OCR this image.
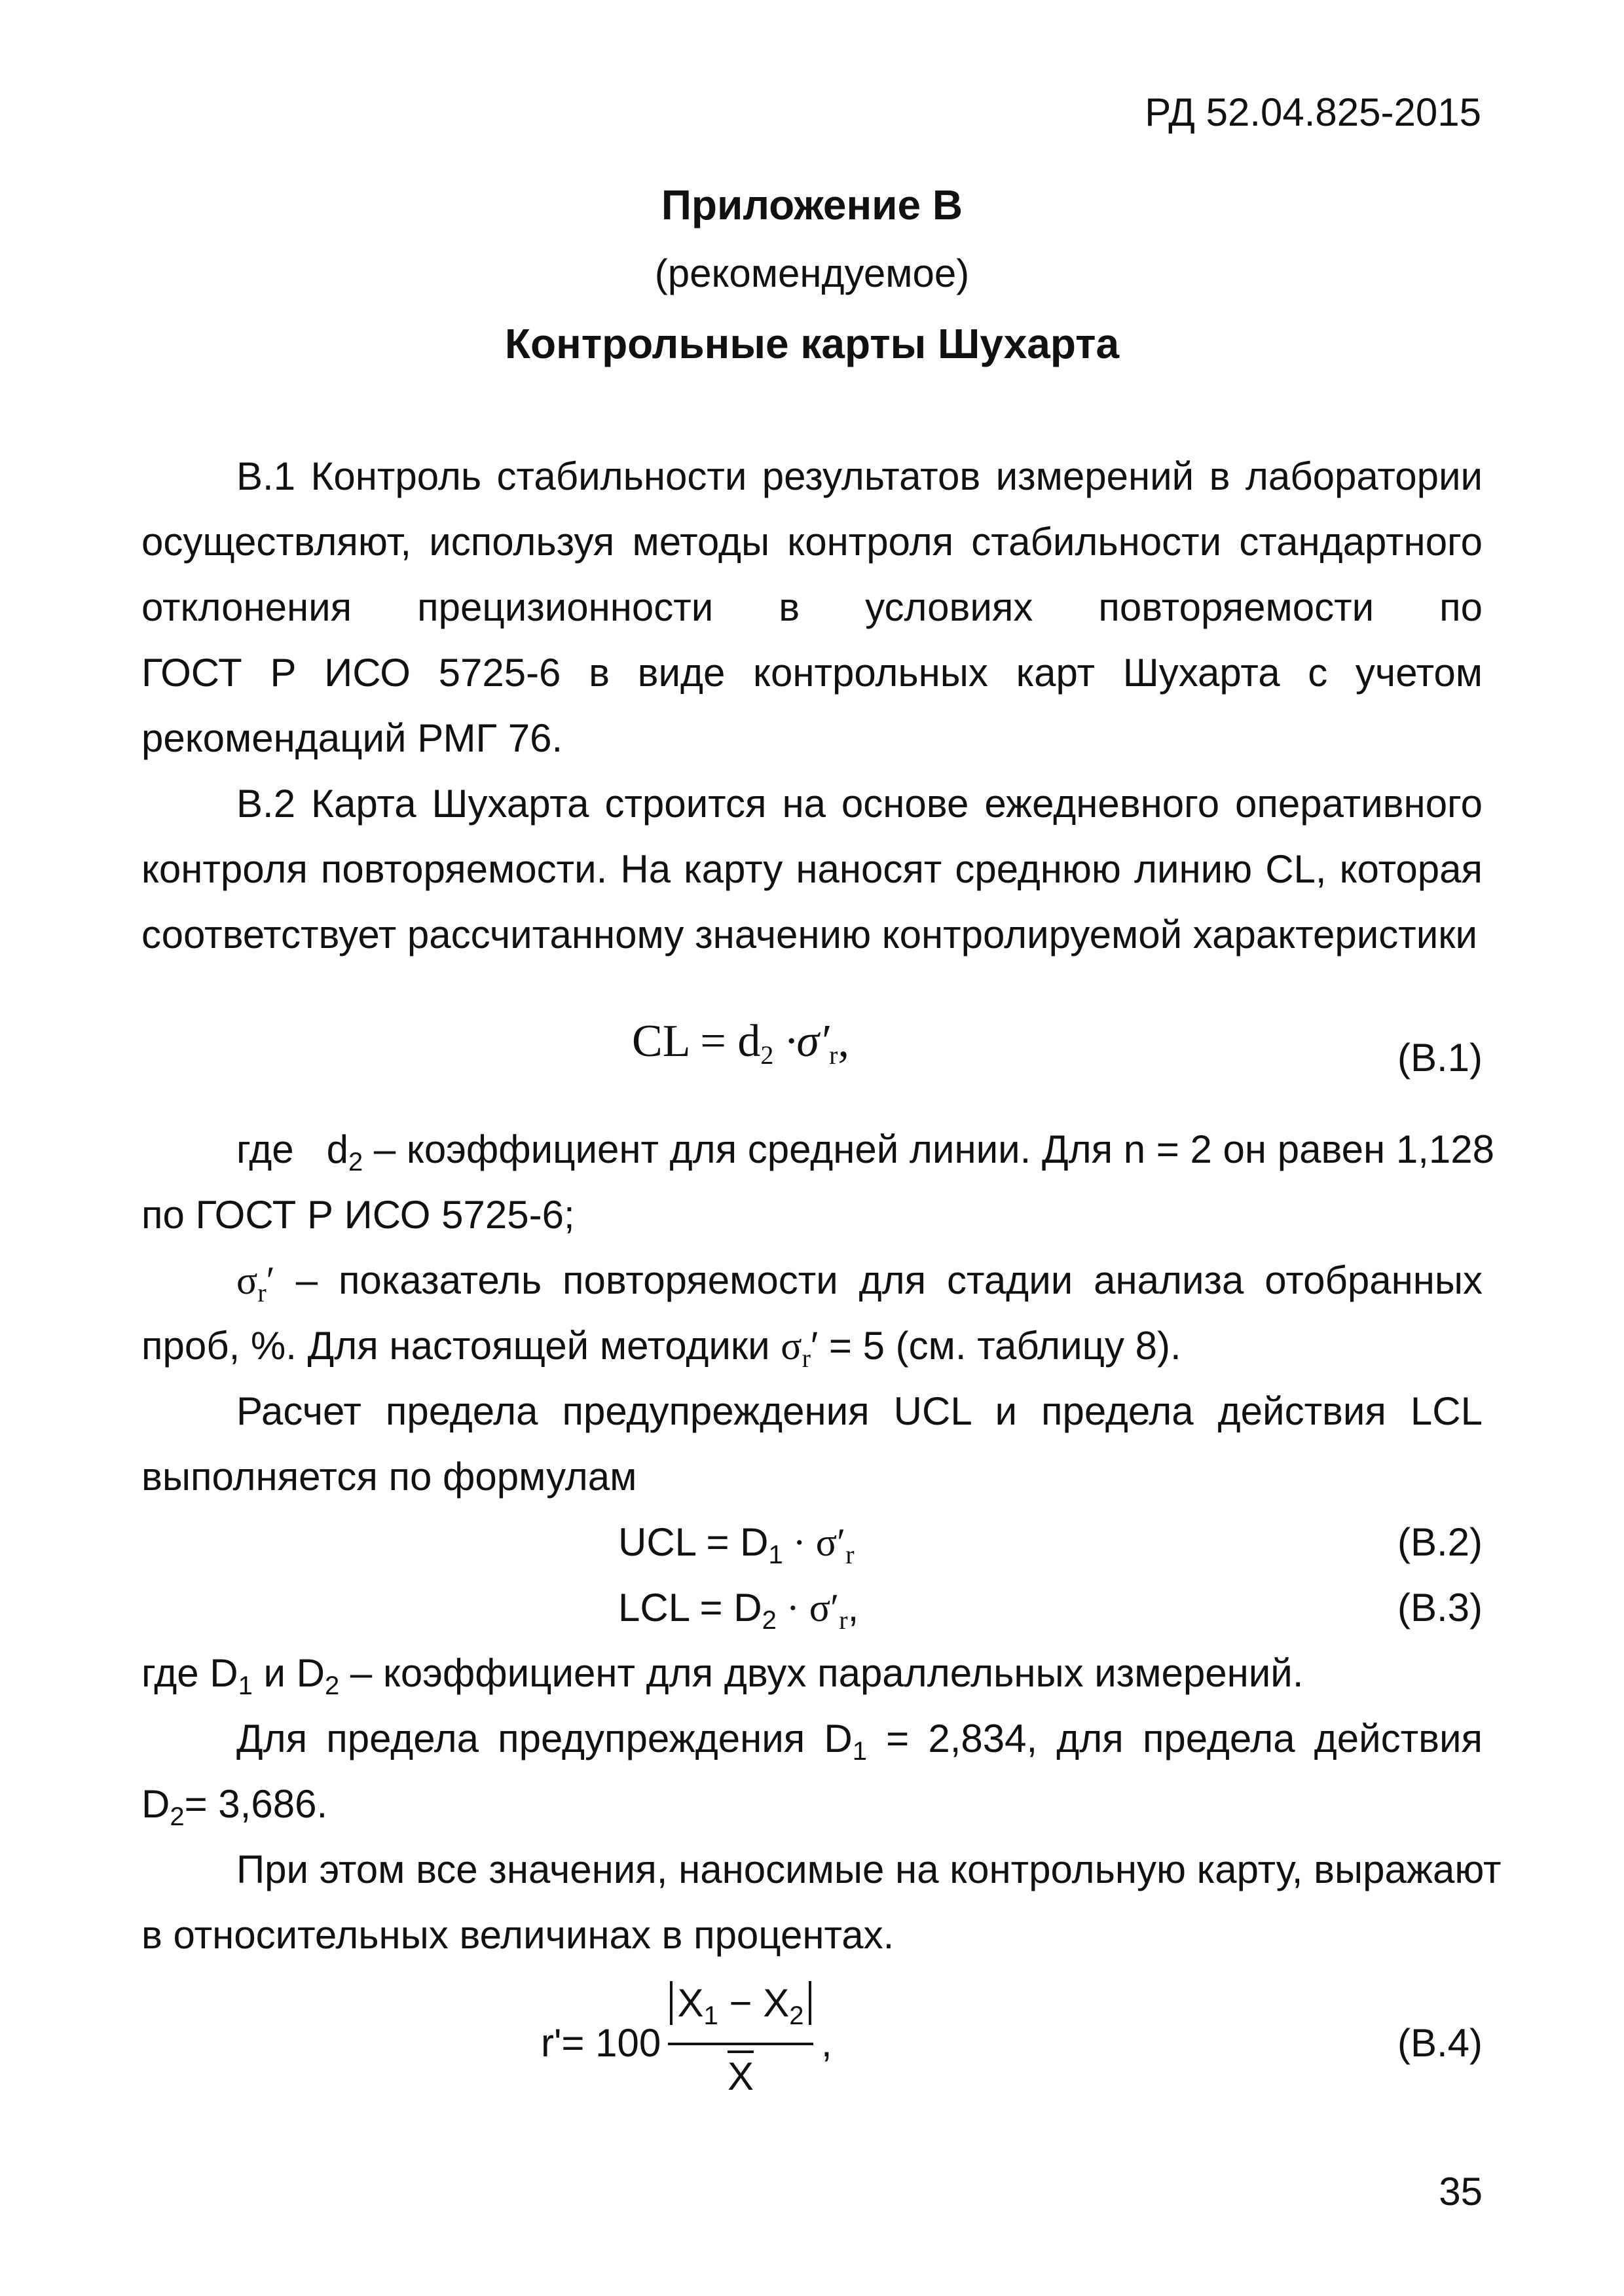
РД 52.04.825-2015
Приложение В
(рекомендуемое)
Контрольные карты Шухарта
В.1 Контроль стабильности результатов измерений в лаборатории
осуществляют, используя методы контроля стабильности стандартного
отклонения прецизионности в условиях повторяемости по
ГОСТ Р ИСО 5725-6 в виде контрольных карт Шухарта с учетом
рекомендаций РМГ 76.
В.2 Карта Шухарта строится на основе ежедневного оперативного
контроля повторяемости. На карту наносят среднюю линию CL, которая
соответствует рассчитанному значению контролируемой характеристики
CL = $d_2 \cdot\sigma'_r$,	(В.1)
где $d_2$ – коэффициент для средней линии. Для n = 2 он равен 1,128
по ГОСТ Р ИСО 5725-6;
$\sigma_r'$ – показатель повторяемости для стадии анализа отобранных
проб, %. Для настоящей методики $\sigma_r' = 5$ (см. таблицу 8).
Расчет предела предупреждения UCL и предела действия LCL
выполняется по формулам
UCL = $D_1 \cdot \sigma'_r$	(В.2)
LCL = $D_2 \cdot \sigma'_r$,	(В.3)
где $D_1$ и $D_2$ – коэффициент для двух параллельных измерений.
Для предела предупреждения $D_1 = 2,834$, для предела действия
$D_2= 3,686$.
При этом все значения, наносимые на контрольную карту, выражают
в относительных величинах в процентах.
r'= 100
$X_1 - X_2$
X
,	(В.4)
35
